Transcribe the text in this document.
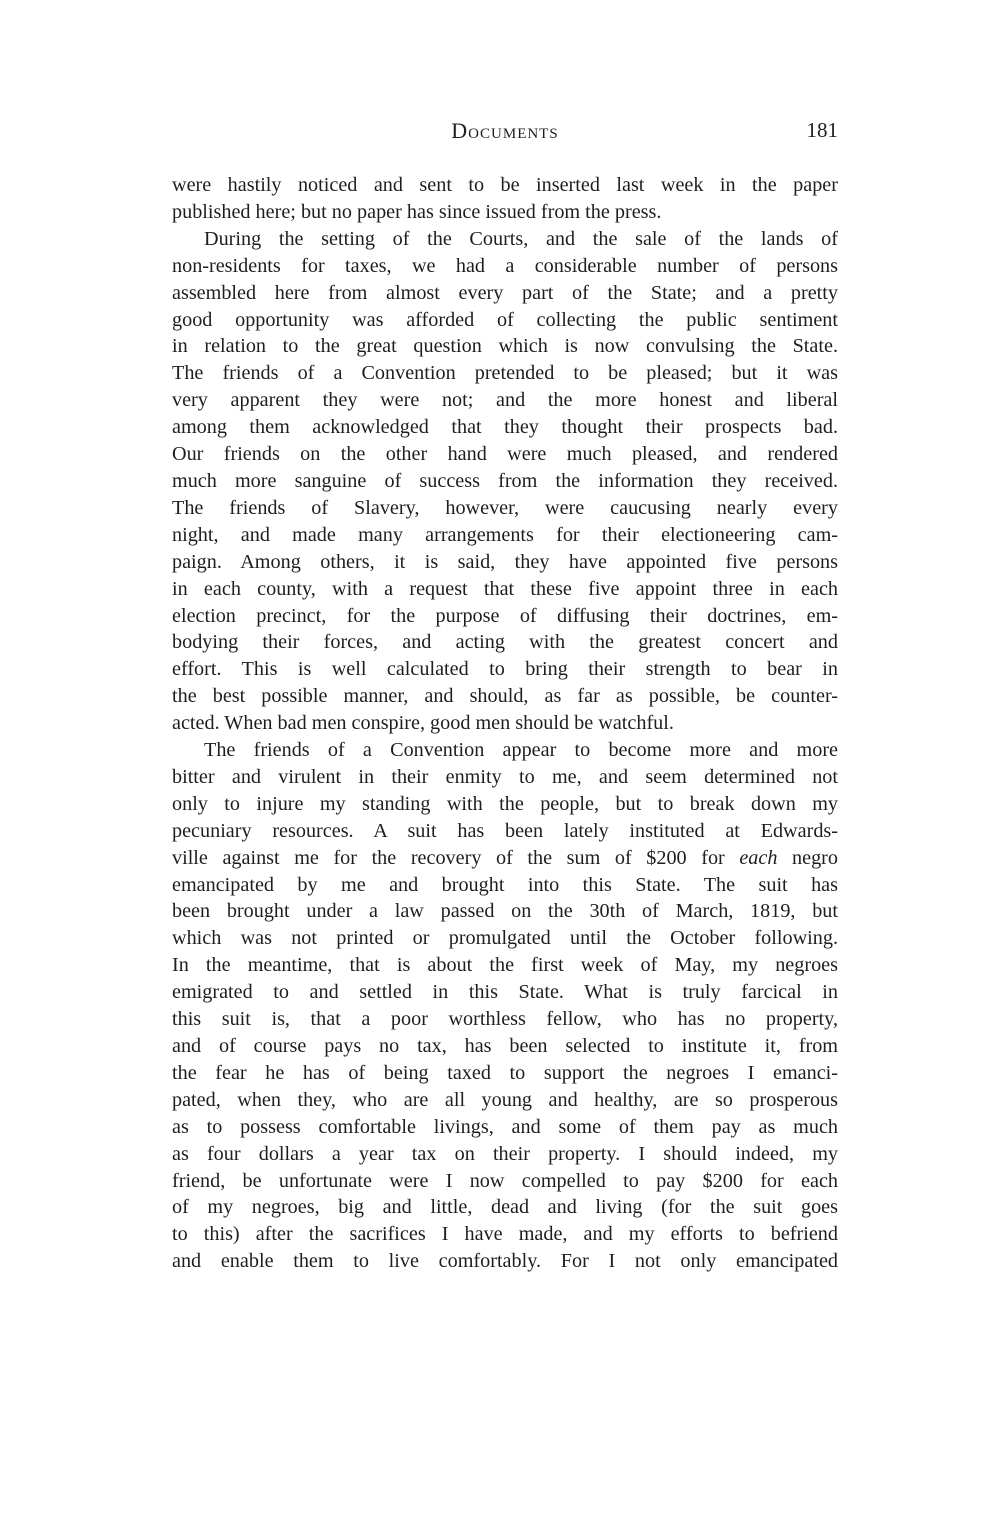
Documents	181

were hastily noticed and sent to be inserted last week in the paper
published here; but no paper has since issued from the press.

During the setting of the Courts, and the sale of the lands of
non-residents for taxes, we had a considerable number of persons
assembled here from almost every part of the State; and a pretty
good opportunity was afforded of collecting the public sentiment
in relation to the great question which is now convulsing the State.
The friends of a Convention pretended to be pleased; but it was
very apparent they were not; and the more honest and liberal
among them acknowledged that they thought their prospects bad.
Our friends on the other hand were much pleased, and rendered
much more sanguine of success from the information they received.
The friends of Slavery, however, were caucusing nearly every
night, and made many arrangements for their electioneering cam-
paign. Among others, it is said, they have appointed five persons
in each county, with a request that these five appoint three in each
election precinct, for the purpose of diffusing their doctrines, em-
bodying their forces, and acting with the greatest concert and
effort. This is well calculated to bring their strength to bear in
the best possible manner, and should, as far as possible, be counter-
acted. When bad men conspire, good men should be watchful.

The friends of a Convention appear to become more and more
bitter and virulent in their enmity to me, and seem determined not
only to injure my standing with the people, but to break down my
pecuniary resources. A suit has been lately instituted at Edwards-
ville against me for the recovery of the sum of $200 for each negro
emancipated by me and brought into this State. The suit has
been brought under a law passed on the 30th of March, 1819, but
which was not printed or promulgated until the October following.
In the meantime, that is about the first week of May, my negroes
emigrated to and settled in this State. What is truly farcical in
this suit is, that a poor worthless fellow, who has no property,
and of course pays no tax, has been selected to institute it, from
the fear he has of being taxed to support the negroes I emanci-
pated, when they, who are all young and healthy, are so prosperous
as to possess comfortable livings, and some of them pay as much
as four dollars a year tax on their property. I should indeed, my
friend, be unfortunate were I now compelled to pay $200 for each
of my negroes, big and little, dead and living (for the suit goes
to this) after the sacrifices I have made, and my efforts to befriend
and enable them to live comfortably. For I not only emancipated
